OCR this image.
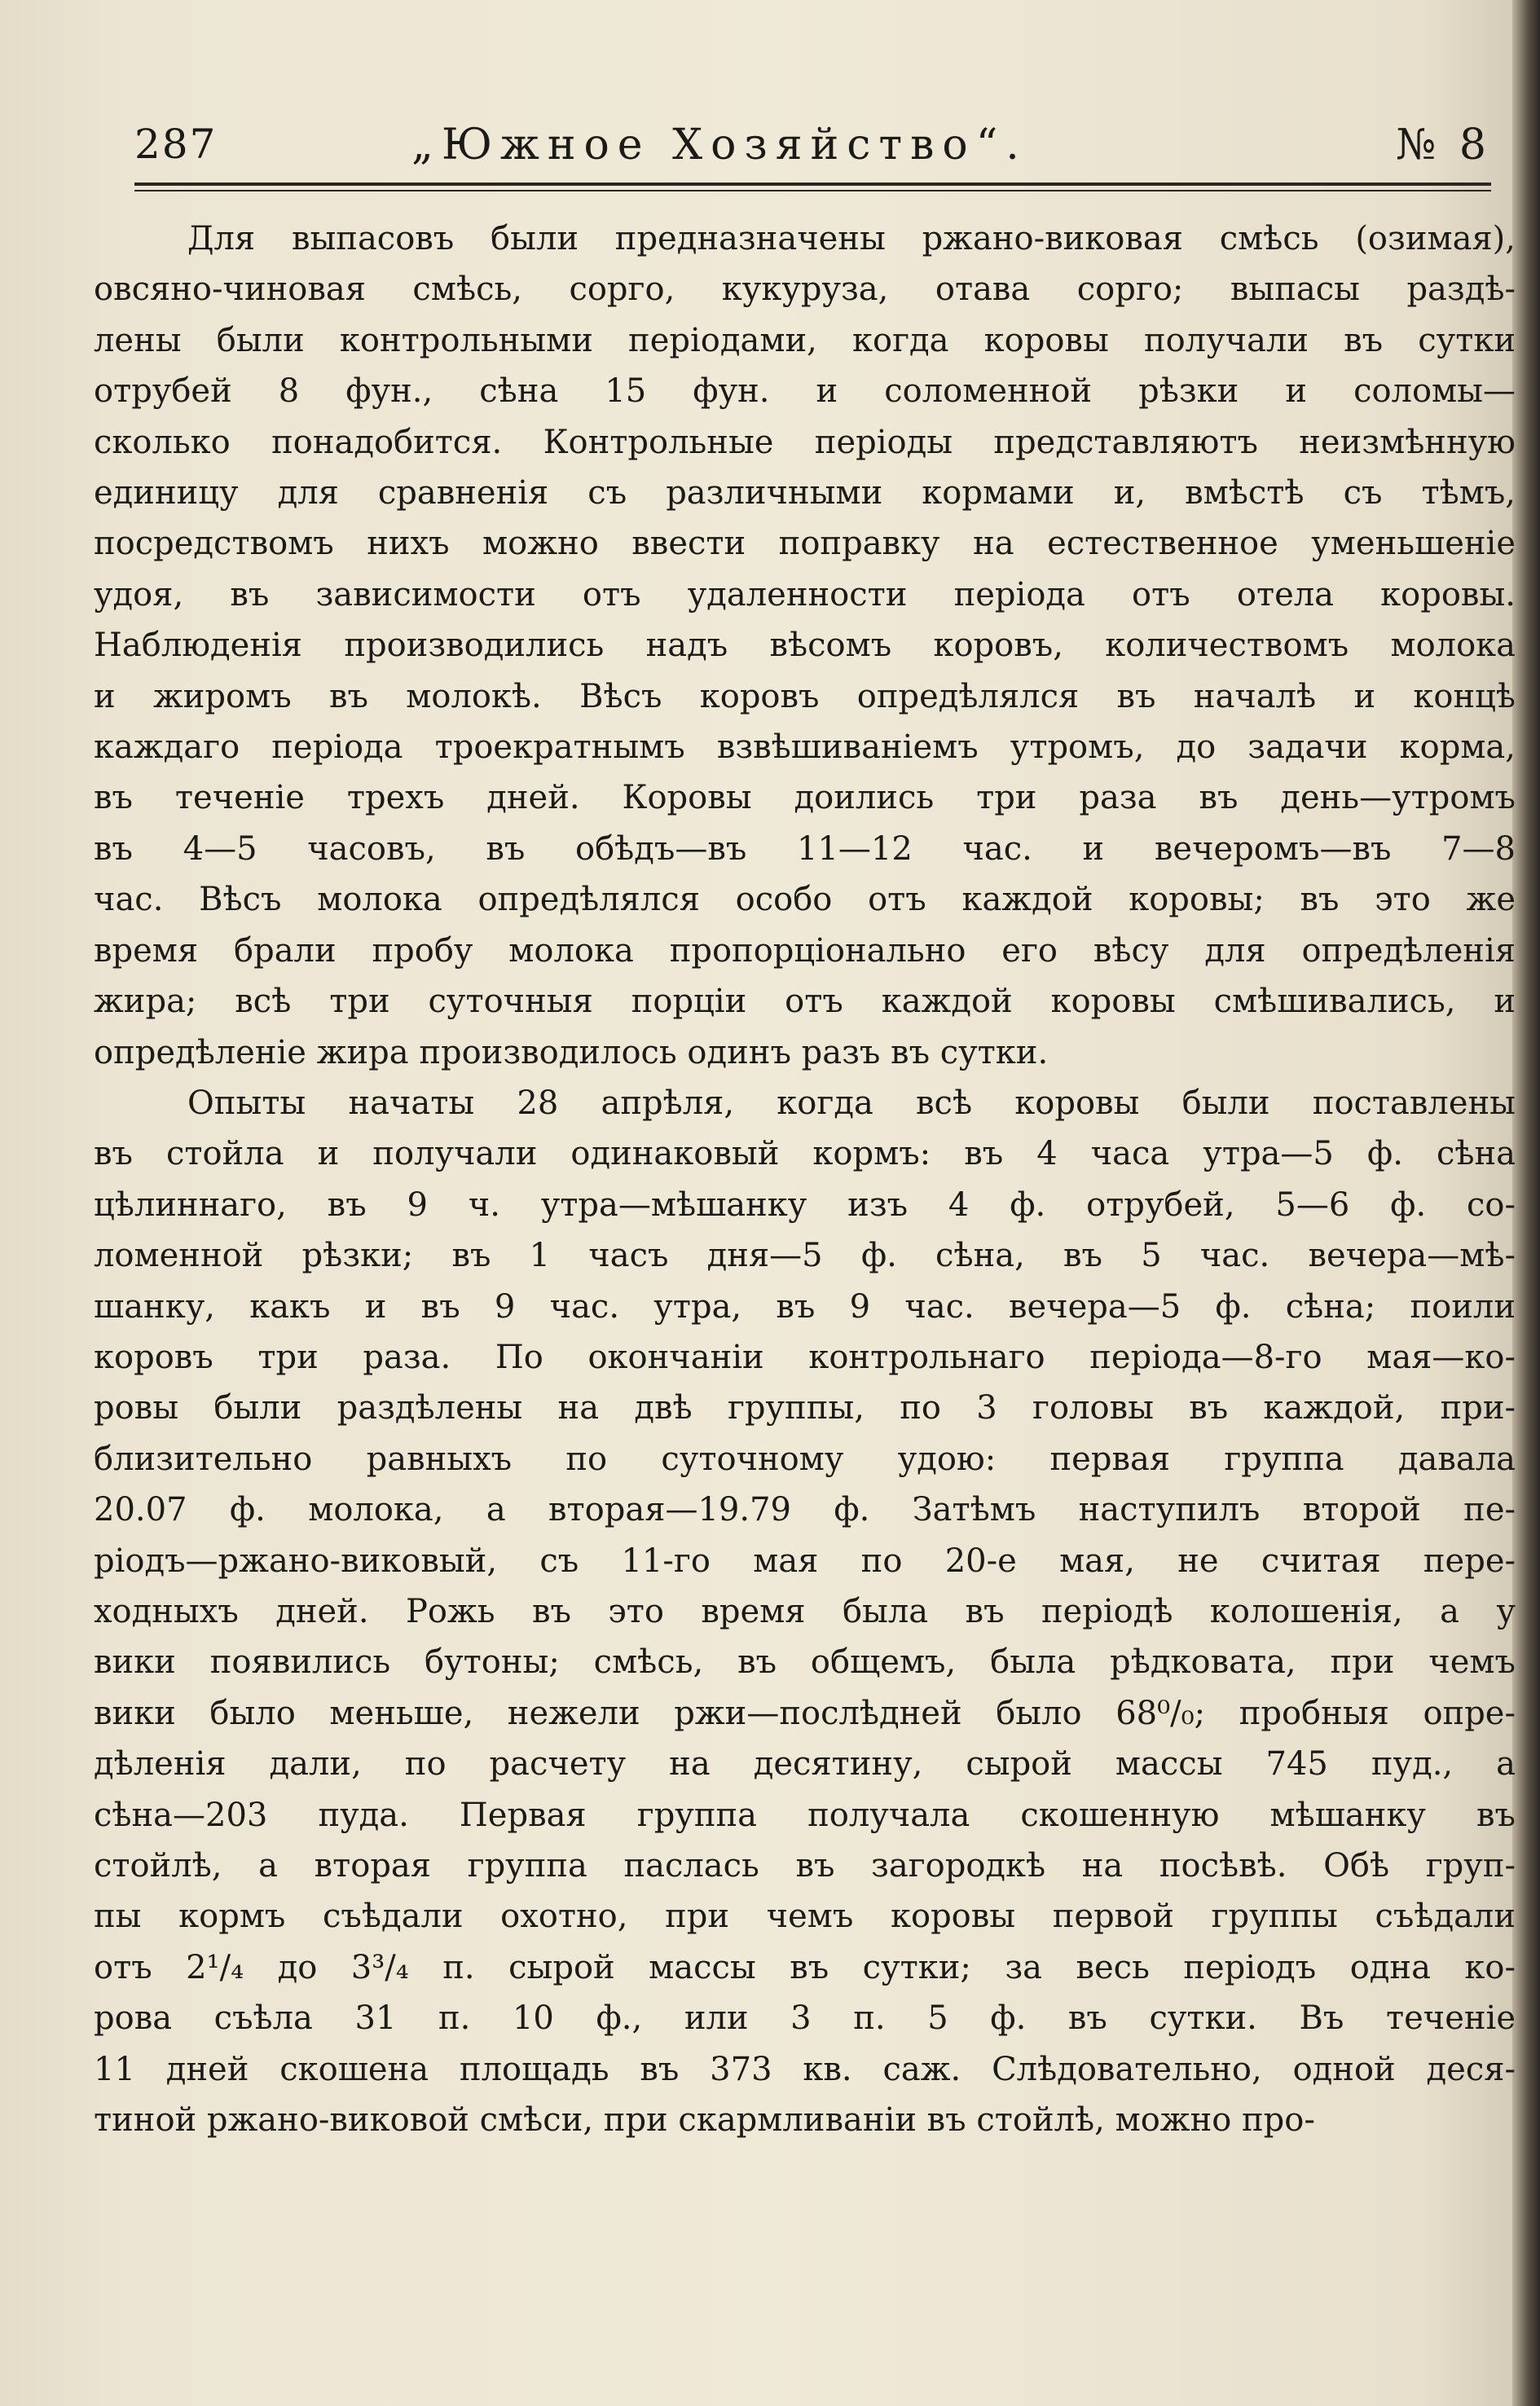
287	„Южное Хозяйство“.	№ 8

Для выпасовъ были предназначены ржано-виковая смѣсь (озимая),
овсяно-чиновая смѣсь, сорго, кукуруза, отава сорго; выпасы раздѣ-
лены были контрольными періодами, когда коровы получали въ сутки
отрубей 8 фун., сѣна 15 фун. и соломенной рѣзки и соломы—
сколько понадобится. Контрольные періоды представляютъ неизмѣнную
единицу для сравненія съ различными кормами и, вмѣстѣ съ тѣмъ,
посредствомъ нихъ можно ввести поправку на естественное уменьшеніе
удоя, въ зависимости отъ удаленности періода отъ отела коровы.
Наблюденія производились надъ вѣсомъ коровъ, количествомъ молока
и жиромъ въ молокѣ. Вѣсъ коровъ опредѣлялся въ началѣ и концѣ
каждаго періода троекратнымъ взвѣшиваніемъ утромъ, до задачи корма,
въ теченіе трехъ дней. Коровы доились три раза въ день—утромъ
въ 4—5 часовъ, въ обѣдъ—въ 11—12 час. и вечеромъ—въ 7—8
час. Вѣсъ молока опредѣлялся особо отъ каждой коровы; въ это же
время брали пробу молока пропорціонально его вѣсу для опредѣленія
жира; всѣ три суточныя порціи отъ каждой коровы смѣшивались, и
опредѣленіе жира производилось одинъ разъ въ сутки.

Опыты начаты 28 апрѣля, когда всѣ коровы были поставлены
въ стойла и получали одинаковый кормъ: въ 4 часа утра—5 ф. сѣна
цѣлиннаго, въ 9 ч. утра—мѣшанку изъ 4 ф. отрубей, 5—6 ф. со-
ломенной рѣзки; въ 1 часъ дня—5 ф. сѣна, въ 5 час. вечера—мѣ-
шанку, какъ и въ 9 час. утра, въ 9 час. вечера—5 ф. сѣна; поили
коровъ три раза. По окончаніи контрольнаго періода—8-го мая—ко-
ровы были раздѣлены на двѣ группы, по 3 головы въ каждой, при-
близительно равныхъ по суточному удою: первая группа давала
20.07 ф. молока, а вторая—19.79 ф. Затѣмъ наступилъ второй пе-
ріодъ—ржано-виковый, съ 11-го мая по 20-е мая, не считая пере-
ходныхъ дней. Рожь въ это время была въ періодѣ колошенія, а у
вики появились бутоны; смѣсь, въ общемъ, была рѣдковата, при чемъ
вики было меньше, нежели ржи—послѣдней было 68⁰/₀; пробныя опре-
дѣленія дали, по расчету на десятину, сырой массы 745 пуд., а
сѣна—203 пуда. Первая группа получала скошенную мѣшанку въ
стойлѣ, а вторая группа паслась въ загородкѣ на посѣвѣ. Обѣ груп-
пы кормъ съѣдали охотно, при чемъ коровы первой группы съѣдали
отъ 2¹/₄ до 3³/₄ п. сырой массы въ сутки; за весь періодъ одна ко-
рова съѣла 31 п. 10 ф., или 3 п. 5 ф. въ сутки. Въ теченіе
11 дней скошена площадь въ 373 кв. саж. Слѣдовательно, одной деся-
тиной ржано-виковой смѣси, при скармливаніи въ стойлѣ, можно про-
